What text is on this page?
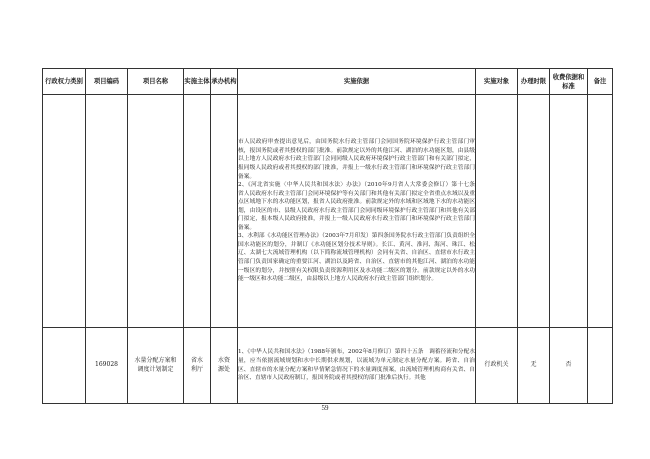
行政权力类别	项目编码	项目名称	实施主体	承办机构	实施依据	实施对象	办理时限	收费依据和标准	备注

					市人民政府审查提出意见后，由国务院水行政主管部门会同国务院环境保护行政主管部门审核，报国务院或者其授权的部门批准。前款规定以外的其他江河、湖泊的水功能区划，由县级以上地方人民政府水行政主管部门会同同级人民政府环境保护行政主管部门和有关部门拟定，报同级人民政府或者其授权的部门批准，并报上一级水行政主管部门和环境保护行政主管部门备案。

2、《河北省实施〈中华人民共和国水法〉办法》（2010年9月省人大常委会修订）第十七条　省人民政府水行政主管部门会同环境保护等有关部门和其他有关部门拟定全省重点水域以及重点区域地下水的水功能区划，报省人民政府批准。前款规定外的水域和区域地下水的水功能区划，由设区的市、县级人民政府水行政主管部门会同同级环境保护行政主管部门和其他有关部门拟定，报本级人民政府批准，并报上一级人民政府水行政主管部门和环境保护行政主管部门备案。

3、水利部《水功能区管理办法》（2003年7月印发）第四条国务院水行政主管部门负责组织全国水功能区的划分，并制订《水功能区划分技术导则》。长江、黄河、淮河、海河、珠江、松辽、太湖七大流域管理机构（以下简称流域管理机构）会同有关省、自治区、直辖市水行政主管部门负责国家确定的重要江河、湖泊以及跨省、自治区、直辖市的其他江河、湖泊的水功能一级区的划分，并按照有关权限负责资源利用区及水功能二级区的划分。前款规定以外的水功能一级区和水功能二级区，由县级以上地方人民政府水行政主管部门组织划分。				

	169028	水量分配方案和调度计划制定	省水利厅	水资源处	1、《中华人民共和国水法》（1988年颁布，2002年8月修订）第四十五条　调蓄径流和分配水量，应当依据流域规划和水中长期供求规划，以流域为单元制定水量分配方案。跨省、自治区、直辖市的水量分配方案和旱情紧急情况下的水量调度预案，由流域管理机构商有关省、自治区、直辖市人民政府制订，报国务院或者其授权的部门批准后执行。其他	行政机关	无	否	
59
